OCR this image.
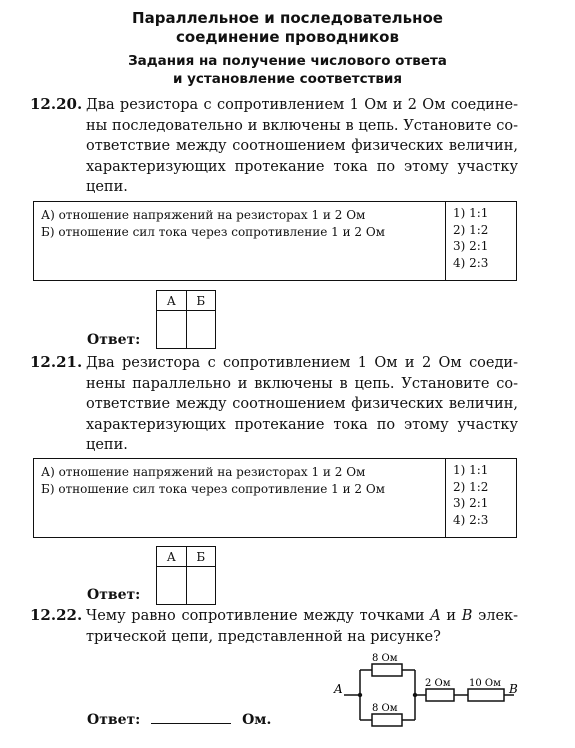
Параллельное и последовательное
соединение проводников
Задания на получение числового ответа
и установление соответствия
12.20. Два резистора с сопротивлением 1 Ом и 2 Ом соедине-
ны последовательно и включены в цепь. Установите со-
ответствие между соотношением физических величин,
характеризующих протекание тока по этому участку
цепи.
А) отношение напряжений на резисторах 1 и 2 Ом
Б) отношение сил тока через сопротивление 1 и 2 Ом
1) 1:1
2) 1:2
3) 2:1
4) 2:3
А	Б

Ответ:
12.21. Два резистора с сопротивлением 1 Ом и 2 Ом соеди-
нены параллельно и включены в цепь. Установите со-
ответствие между соотношением физических величин,
характеризующих протекание тока по этому участку
цепи.
А) отношение напряжений на резисторах 1 и 2 Ом
Б) отношение сил тока через сопротивление 1 и 2 Ом
1) 1:1
2) 1:2
3) 2:1
4) 2:3
А	Б

Ответ:
12.22. Чему равно сопротивление между точками A и B элек-
трической цепи, представленной на рисунке?
Ответ:	Ом.
A	B
8 Ом
8 Ом
2 Ом 10 Ом
